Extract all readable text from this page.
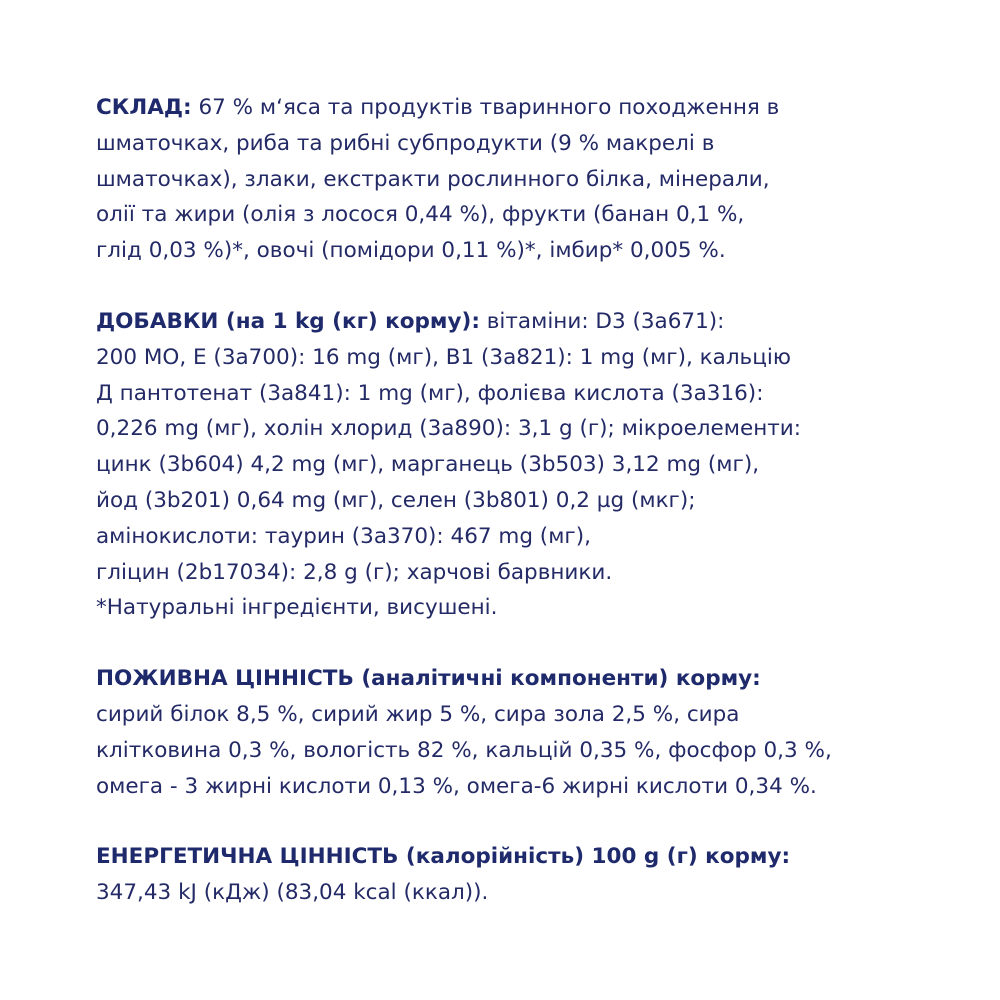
СКЛАД: 67 % м‘яса та продуктів тваринного походження в
шматочках, риба та рибні субпродукти (9 % макрелі в
шматочках), злаки, екстракти рослинного білка, мінерали,
олії та жири (олія з лосося 0,44 %), фрукти (банан 0,1 %,
глід 0,03 %)*, овочі (помідори 0,11 %)*, імбир* 0,005 %.

ДОБАВКИ (на 1 kg (кг) корму): вітаміни: D3 (3a671):
200 МО, Е (3a700): 16 mg (мг), B1 (3a821): 1 mg (мг), кальцію
Д пантотенат (3a841): 1 mg (мг), фолієва кислота (3a316):
0,226 mg (мг), холін хлорид (3a890): 3,1 g (г); мікроелементи:
цинк (3b604) 4,2 mg (мг), марганець (3b503) 3,12 mg (мг),
йод (3b201) 0,64 mg (мг), селен (3b801) 0,2 µg (мкг);
амінокислоти: таурин (3a370): 467 mg (мг),
гліцин (2b17034): 2,8 g (г); харчові барвники.
*Натуральні інгредієнти, висушені.

ПОЖИВНА ЦІННІСТЬ (аналітичні компоненти) корму:
сирий білок 8,5 %, сирий жир 5 %, сира зола 2,5 %, сира
клітковина 0,3 %, вологість 82 %, кальцій 0,35 %, фосфор 0,3 %,
омега - 3 жирні кислоти 0,13 %, омега-6 жирні кислоти 0,34 %.

ЕНЕРГЕТИЧНА ЦІННІСТЬ (калорійність) 100 g (г) корму:
347,43 kJ (кДж) (83,04 kcal (ккал)).
